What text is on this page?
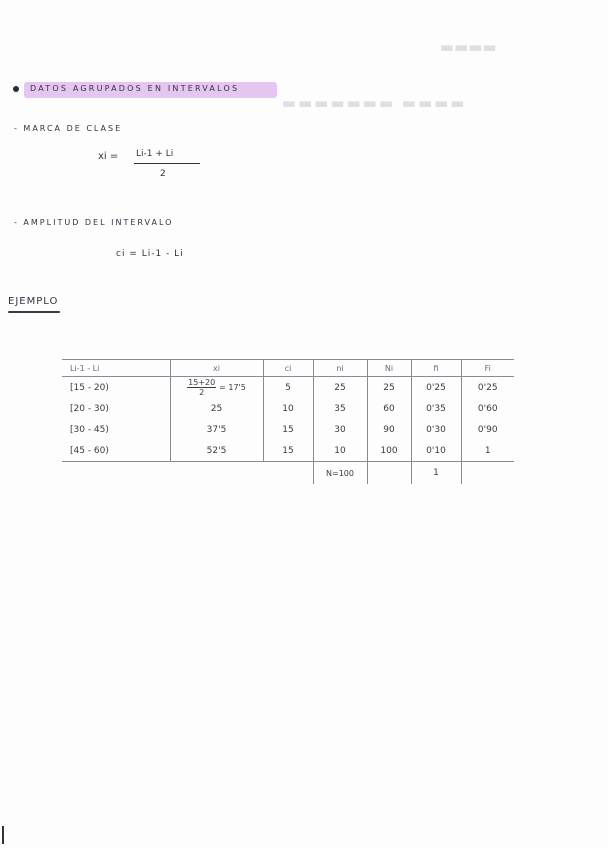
▬▬▬▬ ▬▬▬▬▬▬▬
▬▬▬▬
DATOS AGRUPADOS EN INTERVALOS
- MARCA DE CLASE
xi = Li-1 + Li
2
- AMPLITUD DEL INTERVALO
ci = Li-1 - Li
EJEMPLO
Li-1 - Li	xi	ci	ni	Ni	fi	Fi
[15 - 20)	$\frac{15+20}{2} = 17'5$	5	25	25	0'25	0'25
[20 - 30)	25	10	35	60	0'35	0'60
[30 - 45)	37'5	15	30	90	0'30	0'90
[45 - 60)	52'5	15	10	100	0'10	1
			N=100		1	
